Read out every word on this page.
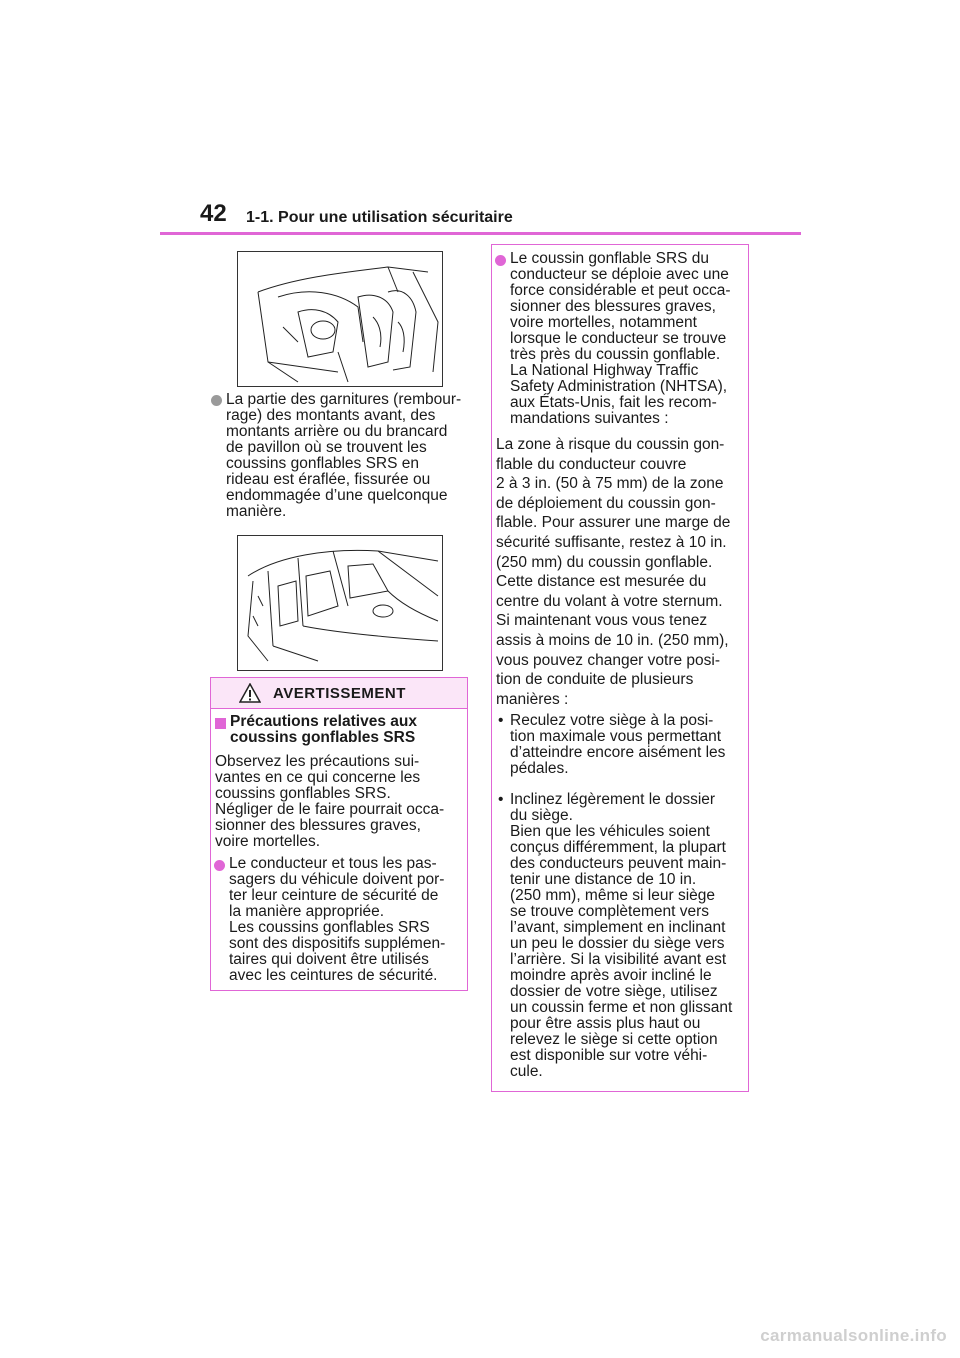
42 1-1. Pour une utilisation sécuritaire
La partie des garnitures (rembour-
rage) des montants avant, des
montants arrière ou du brancard
de pavillon où se trouvent les
coussins gonflables SRS en
rideau est éraflée, fissurée ou
endommagée d’une quelconque
manière.
AVERTISSEMENT
Précautions relatives aux
coussins gonflables SRS
Observez les précautions sui-
vantes en ce qui concerne les
coussins gonflables SRS.
Négliger de le faire pourrait occa-
sionner des blessures graves,
voire mortelles.
Le conducteur et tous les pas-
sagers du véhicule doivent por-
ter leur ceinture de sécurité de
la manière appropriée.
Les coussins gonflables SRS
sont des dispositifs supplémen-
taires qui doivent être utilisés
avec les ceintures de sécurité.
Le coussin gonflable SRS du
conducteur se déploie avec une
force considérable et peut occa-
sionner des blessures graves,
voire mortelles, notamment
lorsque le conducteur se trouve
très près du coussin gonflable.
La National Highway Traffic
Safety Administration (NHTSA),
aux États-Unis, fait les recom-
mandations suivantes :
La zone à risque du coussin gon-
flable du conducteur couvre
2 à 3 in. (50 à 75 mm) de la zone
de déploiement du coussin gon-
flable. Pour assurer une marge de
sécurité suffisante, restez à 10 in.
(250 mm) du coussin gonflable.
Cette distance est mesurée du
centre du volant à votre sternum.
Si maintenant vous vous tenez
assis à moins de 10 in. (250 mm),
vous pouvez changer votre posi-
tion de conduite de plusieurs
manières :
• Reculez votre siège à la posi-
tion maximale vous permettant
d’atteindre encore aisément les
pédales.
• Inclinez légèrement le dossier
du siège.
Bien que les véhicules soient
conçus différemment, la plupart
des conducteurs peuvent main-
tenir une distance de 10 in.
(250 mm), même si leur siège
se trouve complètement vers
l’avant, simplement en inclinant
un peu le dossier du siège vers
l’arrière. Si la visibilité avant est
moindre après avoir incliné le
dossier de votre siège, utilisez
un coussin ferme et non glissant
pour être assis plus haut ou
relevez le siège si cette option
est disponible sur votre véhi-
cule.
carmanualsonline.info
